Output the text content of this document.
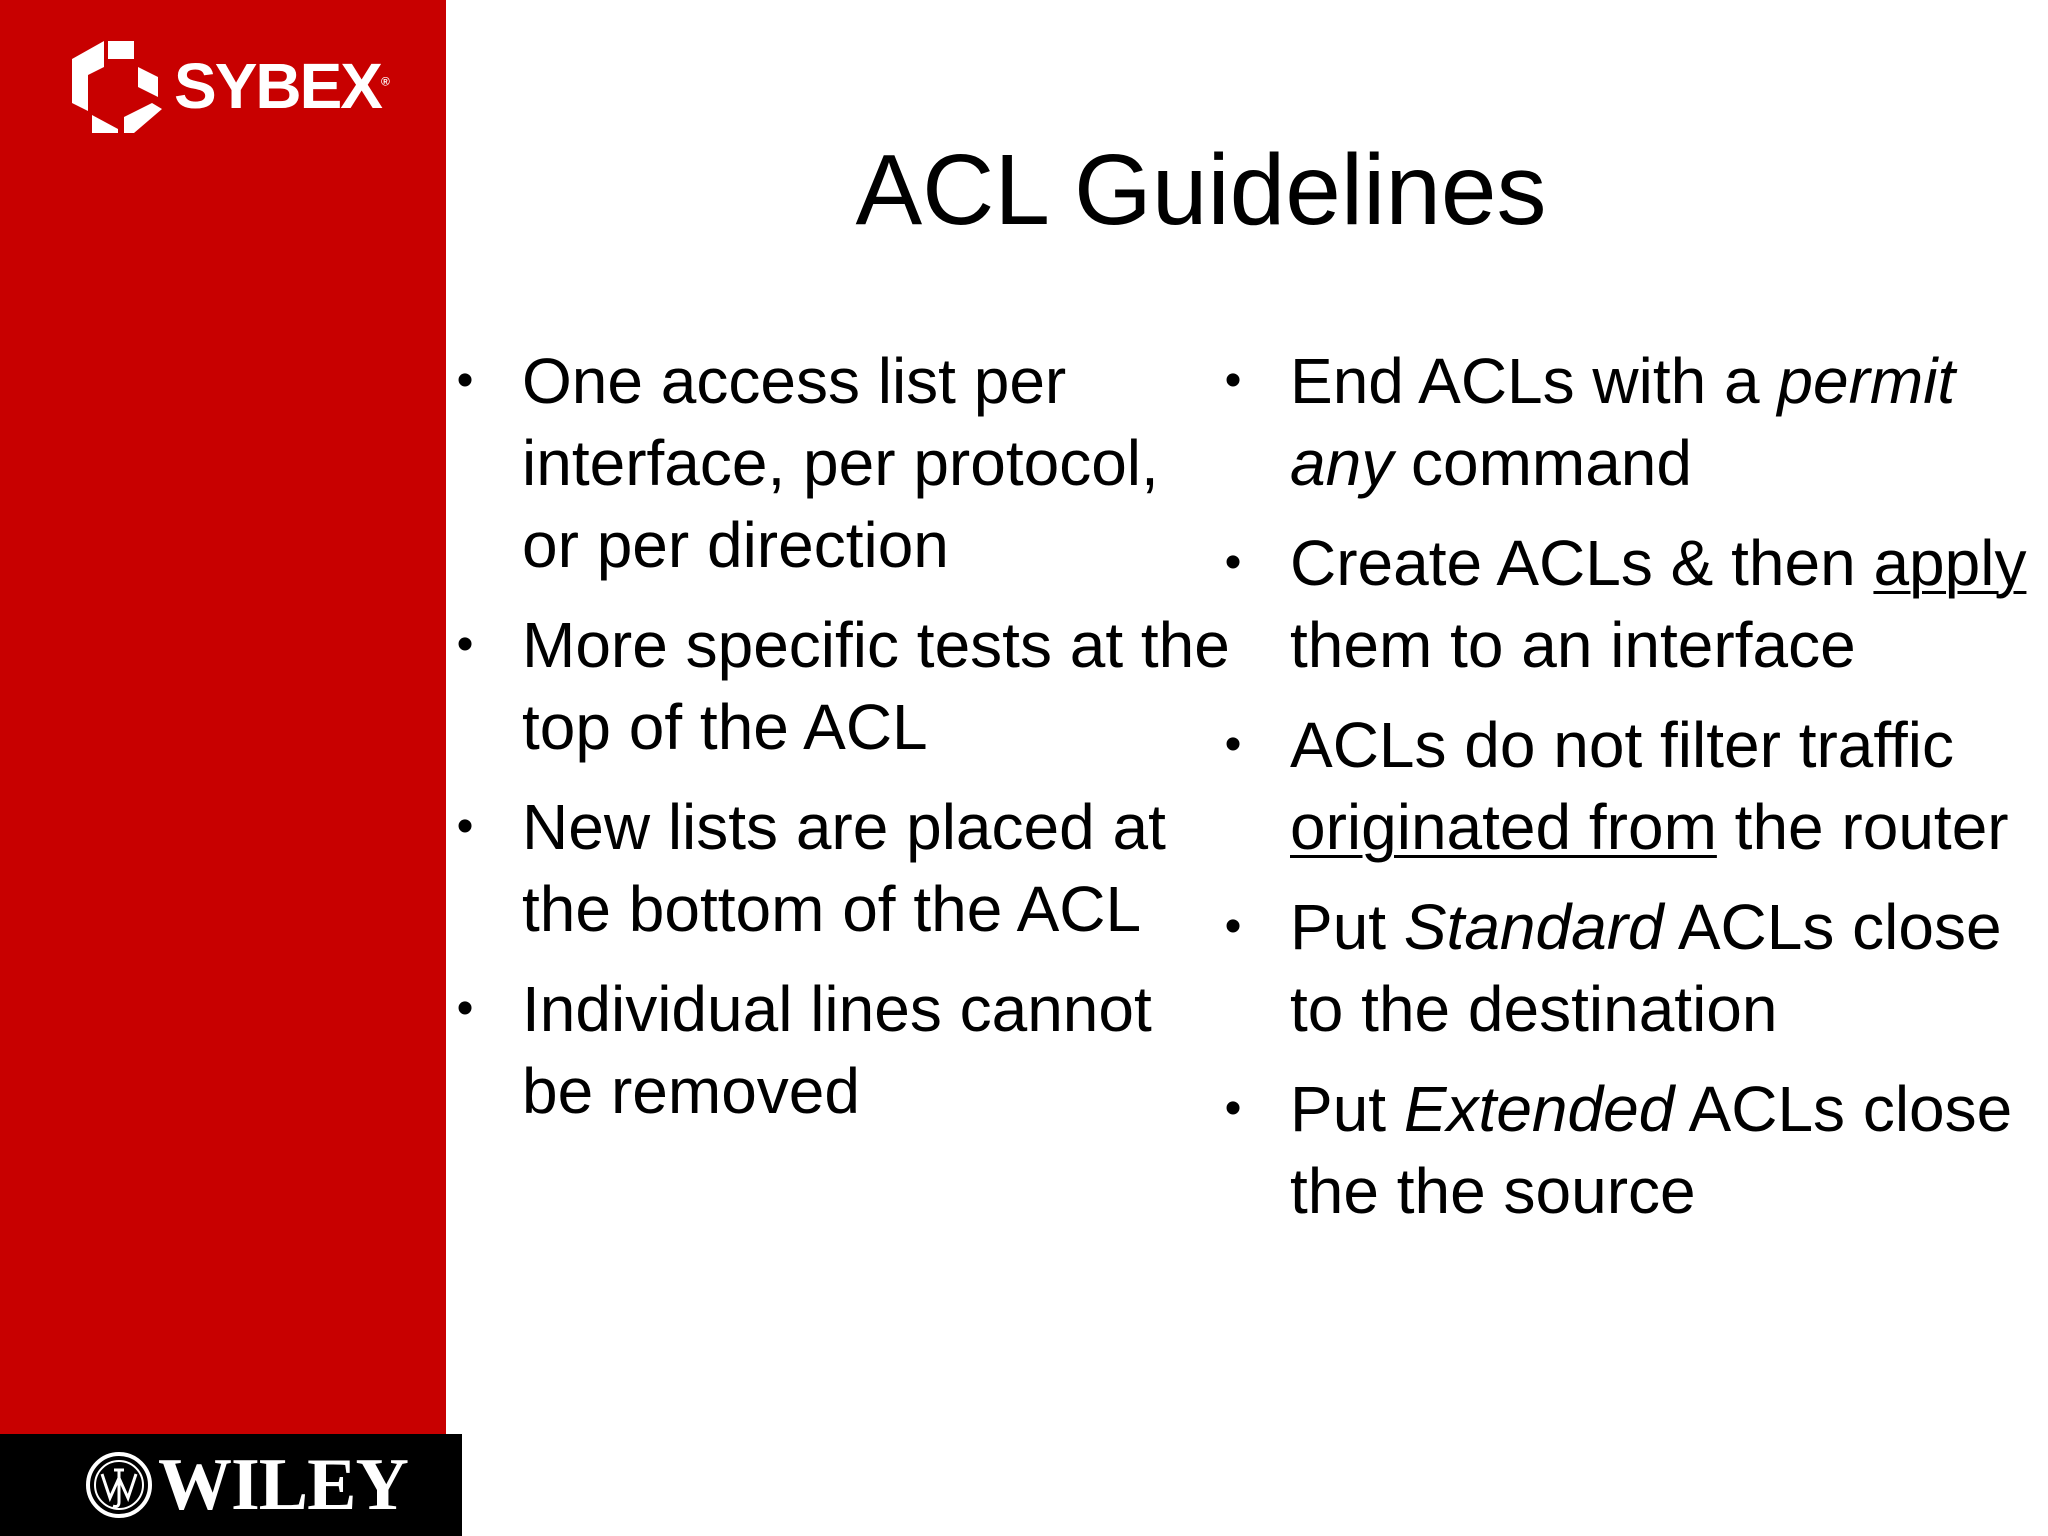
SYBEX®
WILEY
ACL Guidelines
• One access list per interface, per protocol, or per direction
• More specific tests at the top of the ACL
• New lists are placed at the bottom of the ACL
• Individual lines cannot be removed
• End ACLs with a permit any command
• Create ACLs & then apply them to an interface
• ACLs do not filter traffic originated from the router
• Put Standard ACLs close to the destination
• Put Extended ACLs close the the source
